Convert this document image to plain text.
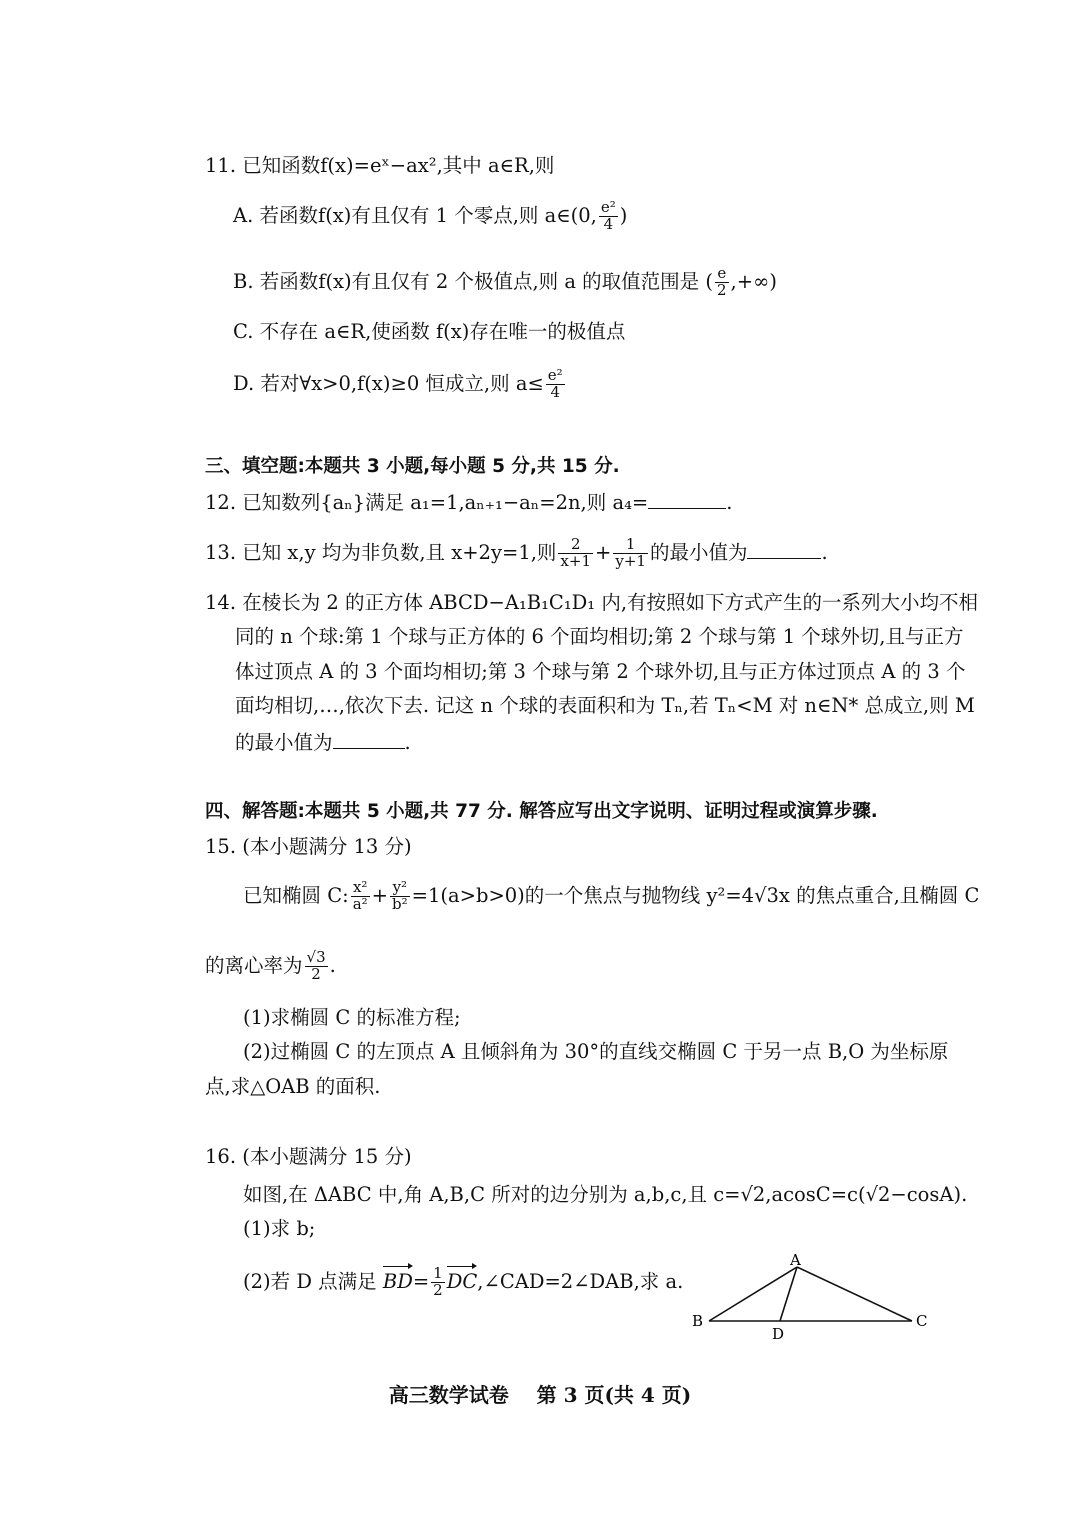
11. 已知函数f(x)=eˣ−ax²,其中 a∈R,则
A. 若函数f(x)有且仅有 1 个零点,则 a∈(0, $\frac{\text{e²}}{4}$ )
B. 若函数f(x)有且仅有 2 个极值点,则 a 的取值范围是 ( $\frac{e}{2}$ ,+∞)
C. 不存在 a∈R,使函数 f(x)存在唯一的极值点
D. 若对∀x>0,f(x)≥0 恒成立,则 $a\le \frac{\text{e²}}{4}$
三、填空题:本题共 3 小题,每小题 5 分,共 15 分.
12. 已知数列{aₙ}满足 a₁=1,aₙ₊₁−aₙ=2n,则 a₄=	.
13. 已知 x,y 均为非负数,且 x+2y=1,则 $\frac{2}{x+1} + \frac{1}{y+1}$ 的最小值为	.
14. 在棱长为 2 的正方体 ABCD−A₁B₁C₁D₁ 内,有按照如下方式产生的一系列大小均不相
同的 n 个球:第 1 个球与正方体的 6 个面均相切;第 2 个球与第 1 个球外切,且与正方
体过顶点 A 的 3 个面均相切;第 3 个球与第 2 个球外切,且与正方体过顶点 A 的 3 个
面均相切,…,依次下去. 记这 n 个球的表面积和为 Tₙ,若 Tₙ<M 对 n∈N* 总成立,则 M
的最小值为	.
四、解答题:本题共 5 小题,共 77 分. 解答应写出文字说明、证明过程或演算步骤.
15. (本小题满分 13 分)
已知椭圆 C: $\frac{\text{x²}}{\text{a²}} + \frac{\text{y²}}{\text{b²}} =1(a>b>0)$的一个焦点与抛物线 y²=4√3x 的焦点重合,且椭圆 C
的离心率为 $\frac{√3}{2}$ .
(1)求椭圆 C 的标准方程;
(2)过椭圆 C 的左顶点 A 且倾斜角为 30°的直线交椭圆 C 于另一点 B,O 为坐标原
点,求△OAB 的面积.
16. (本小题满分 15 分)
如图,在 ΔABC 中,角 A,B,C 所对的边分别为 a,b,c,且 c=√2,acosC=c(√2−cosA).
(1)求 b;
(2)若 D 点满足 $BD= \frac{1}{2}$ DC,∠CAD=2∠DAB,求 a.
A
B	C
D
高三数学试卷    第 3 页(共 4 页)
